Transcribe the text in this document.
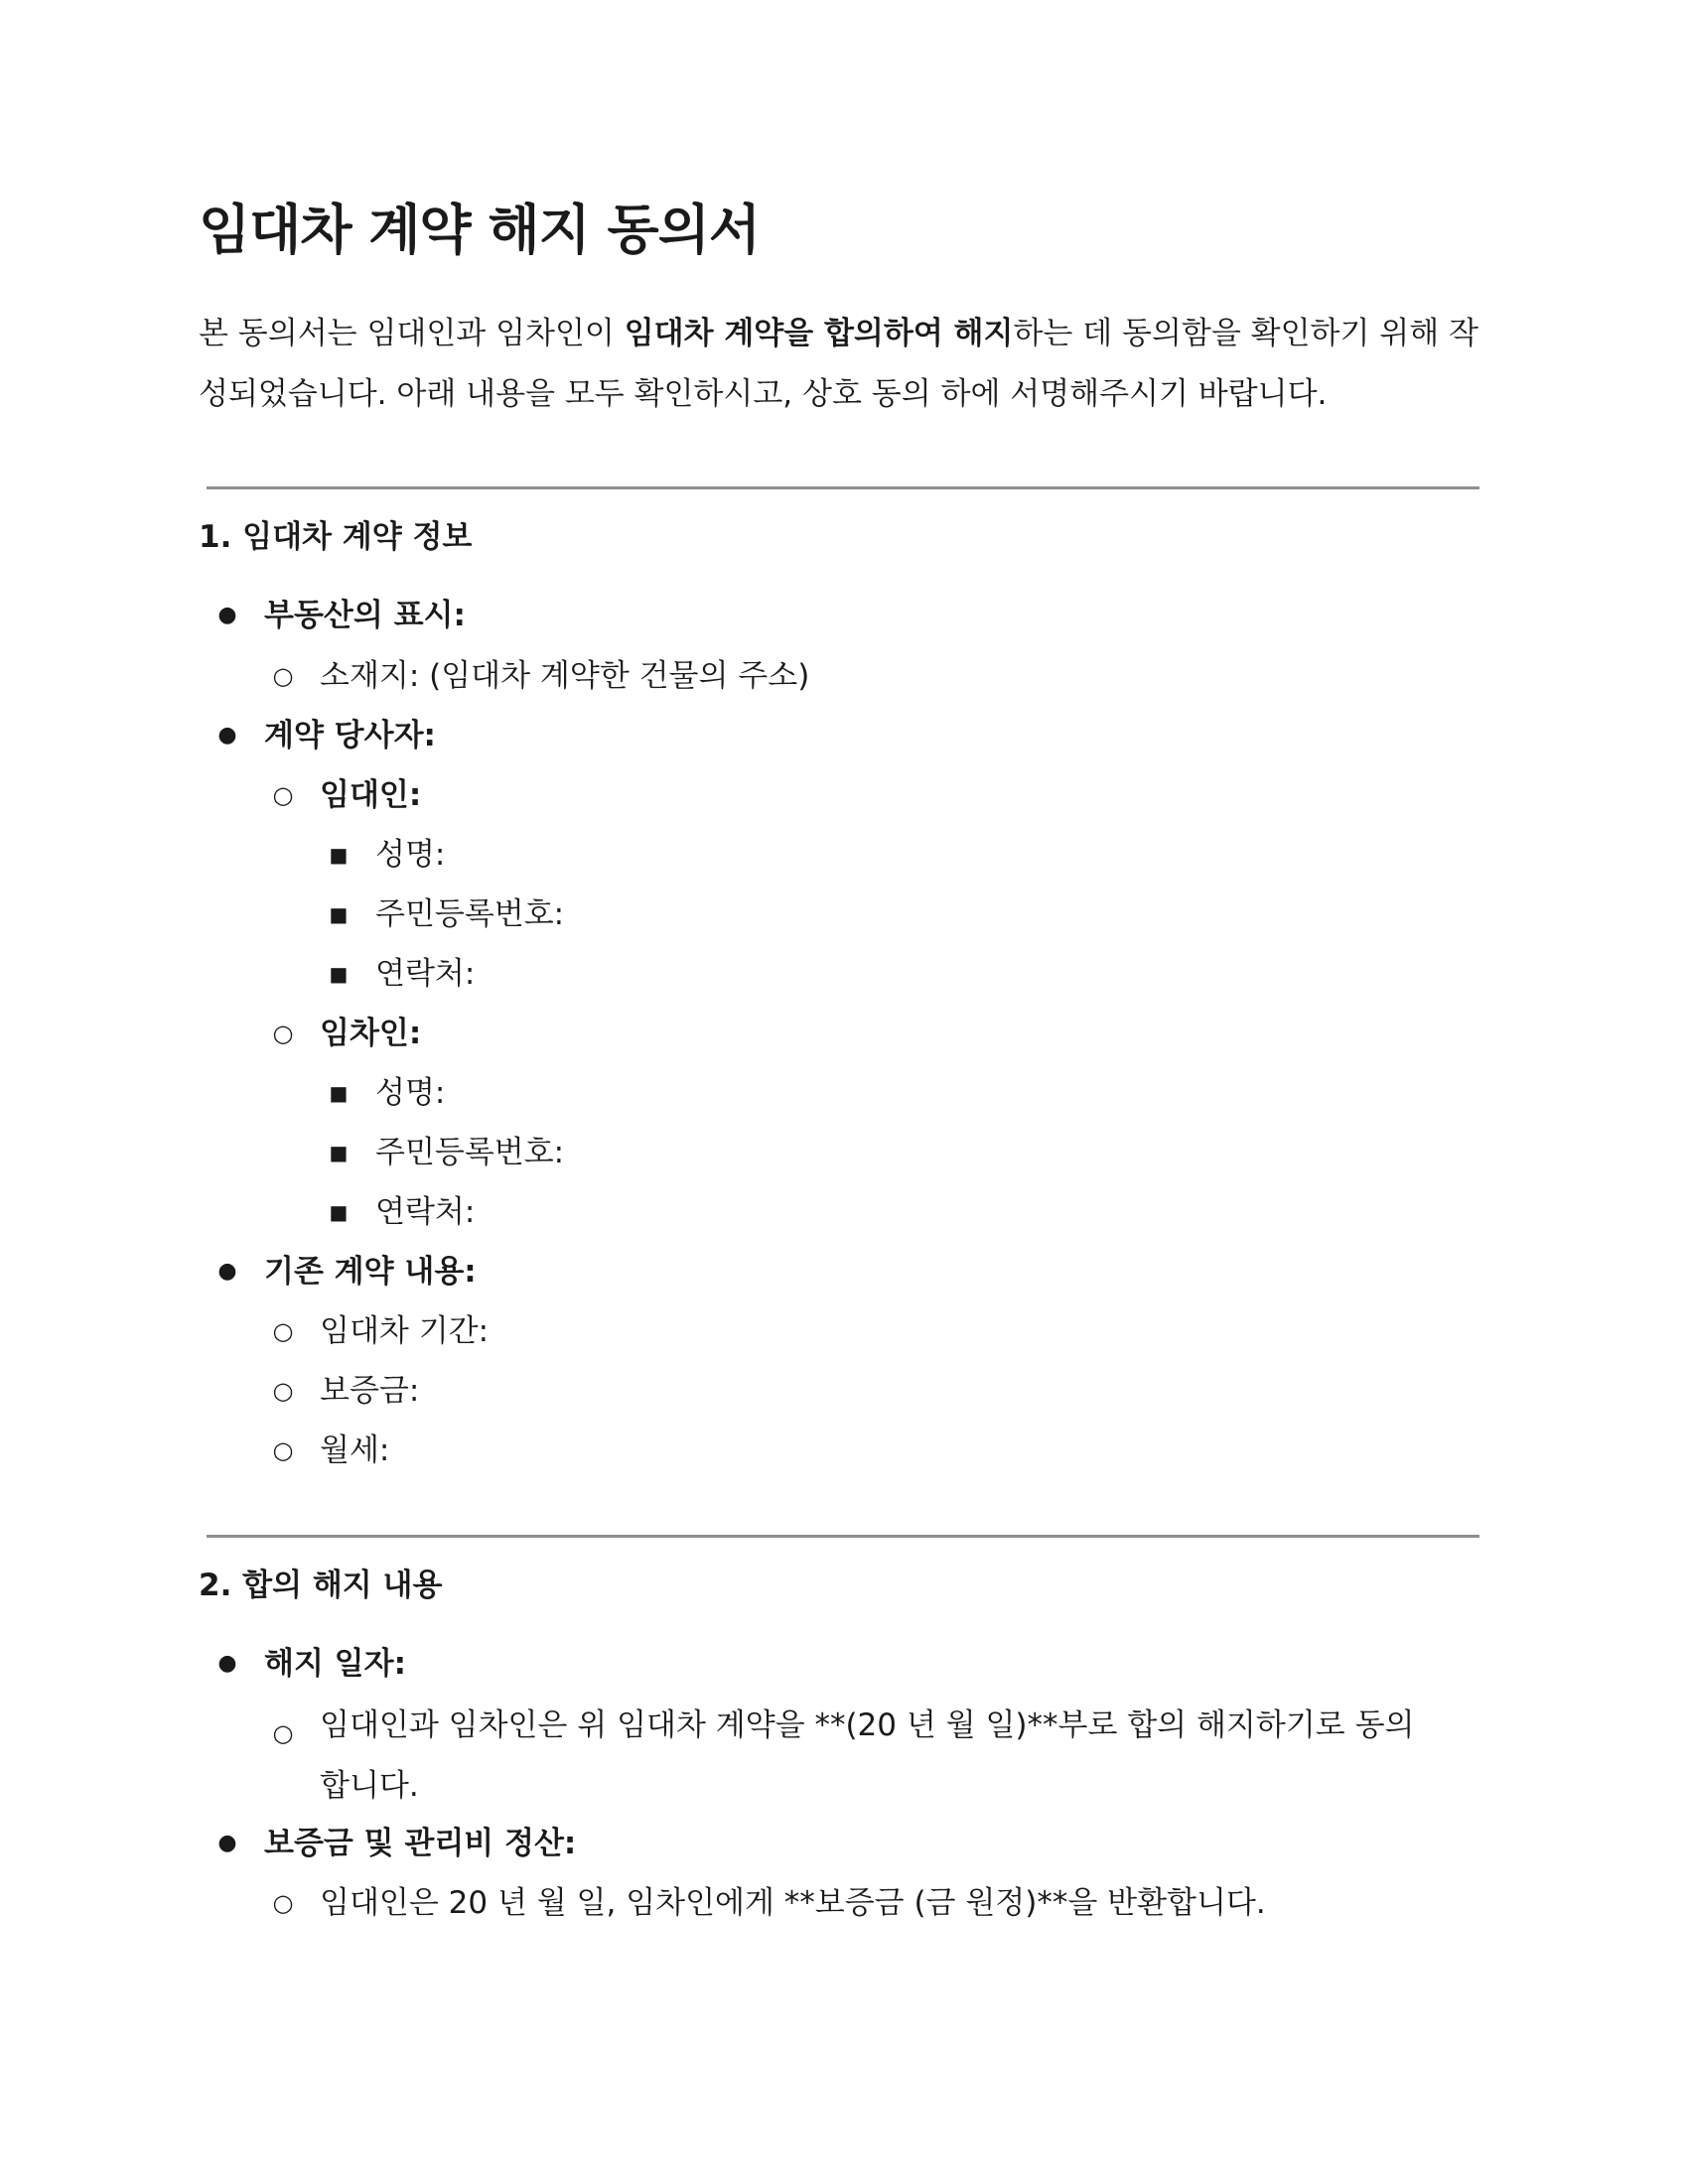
임대차 계약 해지 동의서
본 동의서는 임대인과 임차인이 임대차 계약을 합의하여 해지하는 데 동의함을 확인하기 위해 작성되었습니다. 아래 내용을 모두 확인하시고, 상호 동의 하에 서명해주시기 바랍니다.
1. 임대차 계약 정보
● 부동산의 표시:
○ 소재지: (임대차 계약한 건물의 주소)
● 계약 당사자:
○ 임대인:
■ 성명:
■ 주민등록번호:
■ 연락처:
○ 임차인:
■ 성명:
■ 주민등록번호:
■ 연락처:
● 기존 계약 내용:
○ 임대차 기간:
○ 보증금:
○ 월세:
2. 합의 해지 내용
● 해지 일자:
○ 임대인과 임차인은 위 임대차 계약을 **(20 년 월 일)**부로 합의 해지하기로 동의합니다.
● 보증금 및 관리비 정산:
○ 임대인은 20 년 월 일, 임차인에게 **보증금 (금 원정)**을 반환합니다.
